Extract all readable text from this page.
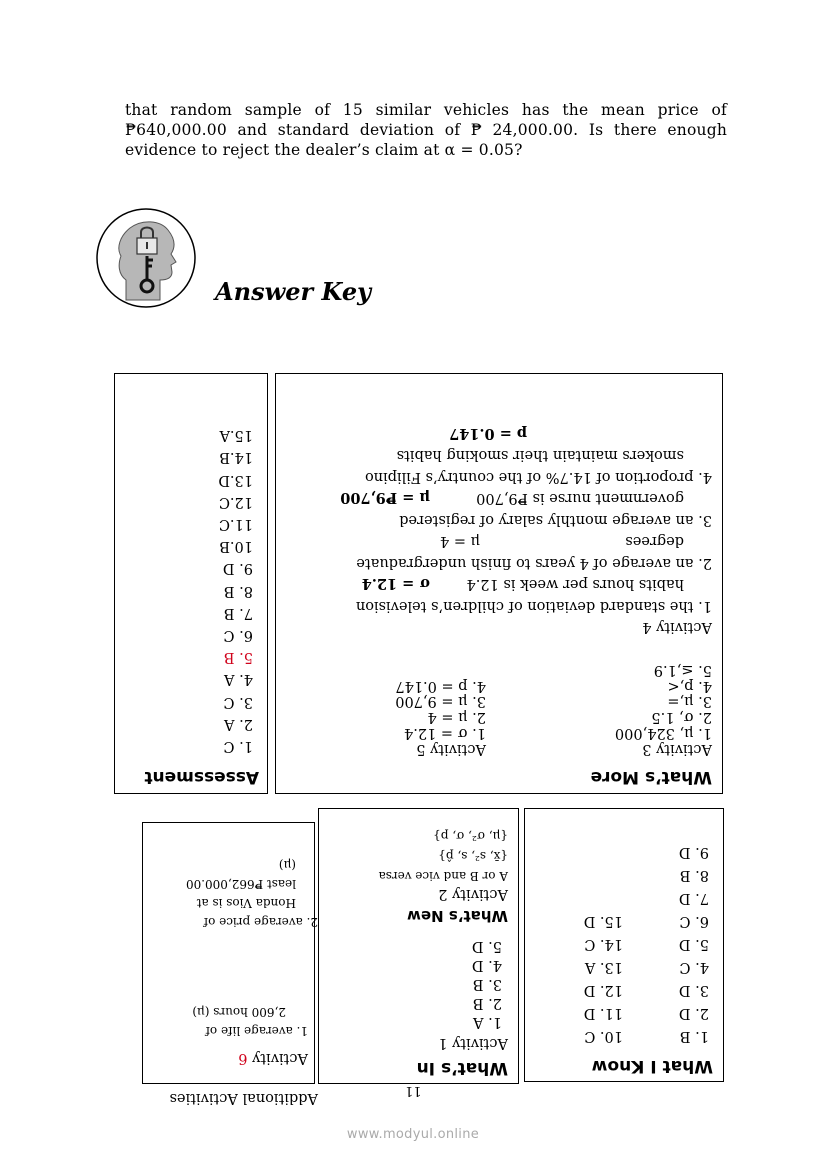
that random sample of 15 similar vehicles has the mean price of ₱640,000.00 and standard deviation of ₱ 24,000.00. Is there enough evidence to reject the dealer’s claim at α = 0.05?
Answer Key
Assessment
1. C
2. A
3. C
4. A
5. B
6. C
7. B
8. B
9. D
10.B
11.C
12.C
13.D
14.B
15.A
What’s More
Activity 3
1. μ, 324,000
2. σ, 1.5
3. μ,=
4. p,<
5. ≤,1.9
Activity 5
1. σ = 12.4
2. μ = 4
3. μ = 9,700
4. p = 0.147
Activity 4
1. the standard deviation of children’s television
habits hours per week is 12.4
σ = 12.4
2. an average of 4 years to finish undergraduate
degrees
μ = 4
3. an average monthly salary of registered
government nurse is ₱9,700
μ = ₱9,700
4. proportion of 14.7% of the country’s Filipino
smokers maintain their smoking habits
p = 0.147
What I Know
1. B
2. D
3. D
4. C
5. D
6. C
7. D
8. B
9. D
10. C
11. D
12. D
13. A
14. C
15. D
What’s In
Activity 1
1. A
2. B
3. B
4. D
5. D
What’s New
Activity 2
A or B and vice versa
{x̄, s², s, p̂}
{μ, σ², σ, p}
Additional Activities
Activity 6
1. average life of
2,600 hours (μ)
2. average price of
Honda Vios is at
least ₱662,000.00
(μ)
11
www.modyul.online
